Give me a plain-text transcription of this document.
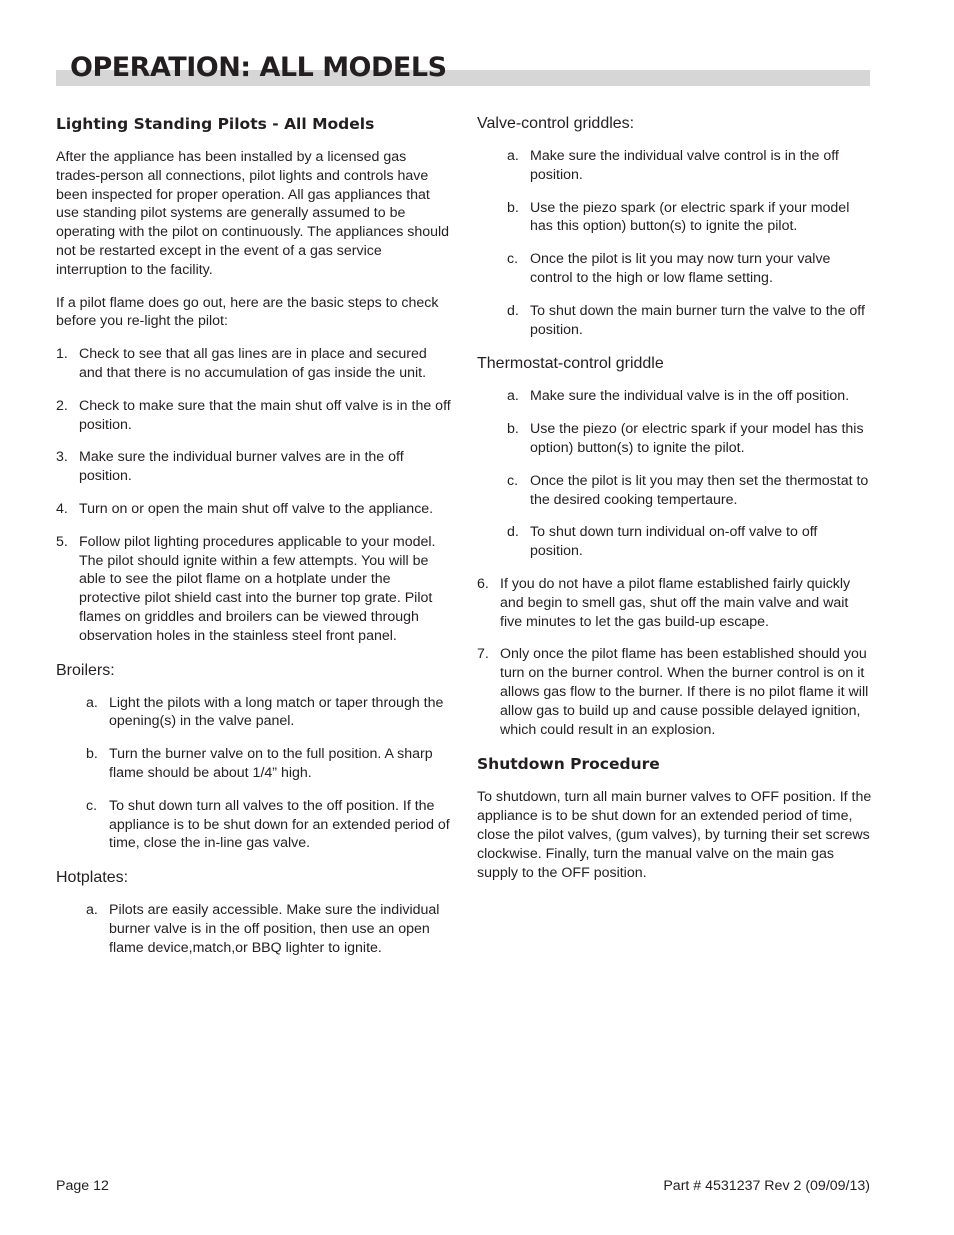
OPERATION: ALL MODELS
Lighting Standing Pilots - All Models

After the appliance has been installed by a licensed gas trades-person all connections, pilot lights and controls have been inspected for proper operation. All gas appliances that use standing pilot systems are generally assumed to be operating with the pilot on continuously. The appliances should not be restarted except in the event of a gas service interruption to the facility.

If a pilot flame does go out, here are the basic steps to check before you re-light the pilot:

1. Check to see that all gas lines are in place and secured and that there is no accumulation of gas inside the unit.
2. Check to make sure that the main shut off valve is in the off position.
3. Make sure the individual burner valves are in the off position.
4. Turn on or open the main shut off valve to the appliance.
5. Follow pilot lighting procedures applicable to your model. The pilot should ignite within a few attempts. You will be able to see the pilot flame on a hotplate under the protective pilot shield cast into the burner top grate. Pilot flames on griddles and broilers can be viewed through observation holes in the stainless steel front panel.
Broilers:
a. Light the pilots with a long match or taper through the opening(s) in the valve panel.
b. Turn the burner valve on to the full position. A sharp flame should be about 1/4” high.
c. To shut down turn all valves to the off position. If the appliance is to be shut down for an extended period of time, close the in-line gas valve.
Hotplates:
a. Pilots are easily accessible. Make sure the individual burner valve is in the off position, then use an open flame device,match,or BBQ lighter to ignite.
Valve-control griddles:
a. Make sure the individual valve control is in the off position.
b. Use the piezo spark (or electric spark if your model has this option) button(s) to ignite the pilot.
c. Once the pilot is lit you may now turn your valve control to the high or low flame setting.
d. To shut down the main burner turn the valve to the off position.
Thermostat-control griddle
a. Make sure the individual valve is in the off position.
b. Use the piezo (or electric spark if your model has this option) button(s) to ignite the pilot.
c. Once the pilot is lit you may then set the thermostat to the desired cooking tempertaure.
d. To shut down turn individual on-off valve to off position.
6. If you do not have a pilot flame established fairly quickly and begin to smell gas, shut off the main valve and wait five minutes to let the gas build-up escape.
7. Only once the pilot flame has been established should you turn on the burner control. When the burner control is on it allows gas flow to the burner. If there is no pilot flame it will allow gas to build up and cause possible delayed ignition, which could result in an explosion.
Shutdown Procedure

To shutdown, turn all main burner valves to OFF position. If the appliance is to be shut down for an extended period of time, close the pilot valves, (gum valves), by turning their set screws clockwise. Finally, turn the manual valve on the main gas supply to the OFF position.

Page 12	Part # 4531237 Rev 2 (09/09/13)
